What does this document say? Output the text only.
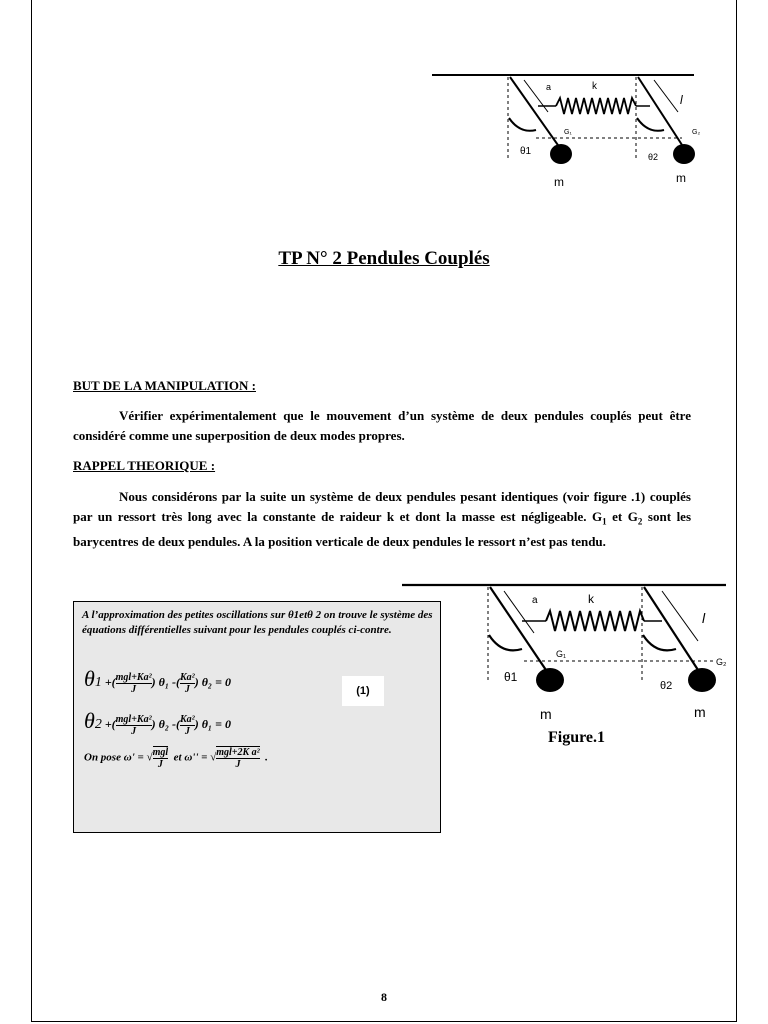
a	k
l
G₁	G₂
θ1	θ2
m	m
TP N° 2 Pendules Couplés
BUT DE LA MANIPULATION :
Vérifier expérimentalement que le mouvement d’un système de deux pendules couplés peut être considéré comme une superposition de deux modes propres.
RAPPEL THEORIQUE :
Nous considérons par la suite un système de deux pendules pesant identiques (voir figure .1) couplés par un ressort très long avec la constante de raideur k et dont la masse est négligeable. $G_1$ et $G_2$ sont les barycentres de deux pendules. A la position verticale de deux pendules le ressort n’est pas tendu.
A l’approximation des petites oscillations sur θ1etθ 2 on trouve le système des équations différentielles suivant pour les pendules couplés ci-contre.
θ1 +( mgl+Ka²
J
) θ₁ -( $\frac{\text{Ka²}}{J}$ ) θ₂ = 0
(1)
θ2 +( mgl+Ka²
J
) θ₂ -( $\frac{\text{Ka²}}{J}$ ) θ₁ = 0
On pose ω' = √ mgl
J
et ω'' = √ mgl+2K a²
J
.
a	k
l
G₁
G₂
θ1
θ2
m	m
Figure.1
8
